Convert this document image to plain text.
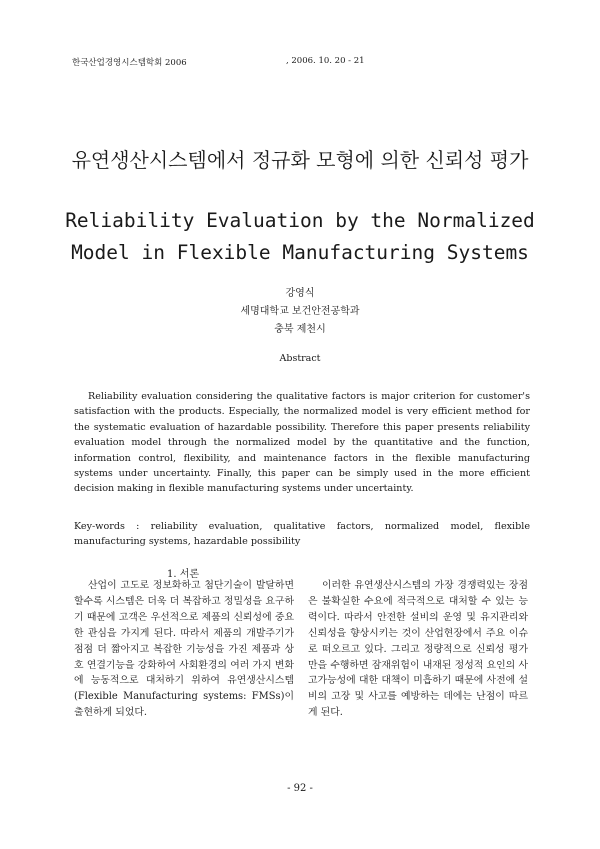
한국산업경영시스템학회 2006	, 2006. 10. 20 - 21
유연생산시스템에서 정규화 모형에 의한 신뢰성 평가
Reliability Evaluation by the Normalized
Model in Flexible Manufacturing Systems
강영식
세명대학교 보건안전공학과
충북 제천시
Abstract
Reliability evaluation considering the qualitative factors is major criterion for customer's satisfaction with the products. Especially, the normalized model is very efficient method for the systematic evaluation of hazardable possibility. Therefore this paper presents reliability evaluation model through the normalized model by the quantitative and the function, information control, flexibility, and maintenance factors in the flexible manufacturing systems under uncertainty. Finally, this paper can be simply used in the more efficient decision making in flexible manufacturing systems under uncertainty.
Key-words : reliability evaluation, qualitative factors, normalized model, flexible manufacturing systems, hazardable possibility
1. 서론
산업이 고도로 정보화하고 첨단기술이 발달하면 할수록 시스템은 더욱 더 복잡하고 정밀성을 요구하기 때문에 고객은 우선적으로 제품의 신뢰성에 중요한 관심을 가지게 된다. 따라서 제품의 개발주기가 점점 더 짧아지고 복잡한 기능성을 가진 제품과 상호 연결기능을 강화하여 사회환경의 여러 가지 변화에 능동적으로 대처하기 위하여 유연생산시스템(Flexible Manufacturing systems: FMSs)이 출현하게 되었다.
이러한 유연생산시스템의 가장 경쟁력있는 장점은 불확실한 수요에 적극적으로 대처할 수 있는 능력이다. 따라서 안전한 설비의 운영 및 유지관리와 신뢰성을 향상시키는 것이 산업현장에서 주요 이슈로 떠오르고 있다. 그리고 정량적으로 신뢰성 평가만을 수행하면 잠재위험이 내재된 정성적 요인의 사고가능성에 대한 대책이 미흡하기 때문에 사전에 설비의 고장 및 사고를 예방하는 데에는 난점이 따르게 된다.
- 92 -
